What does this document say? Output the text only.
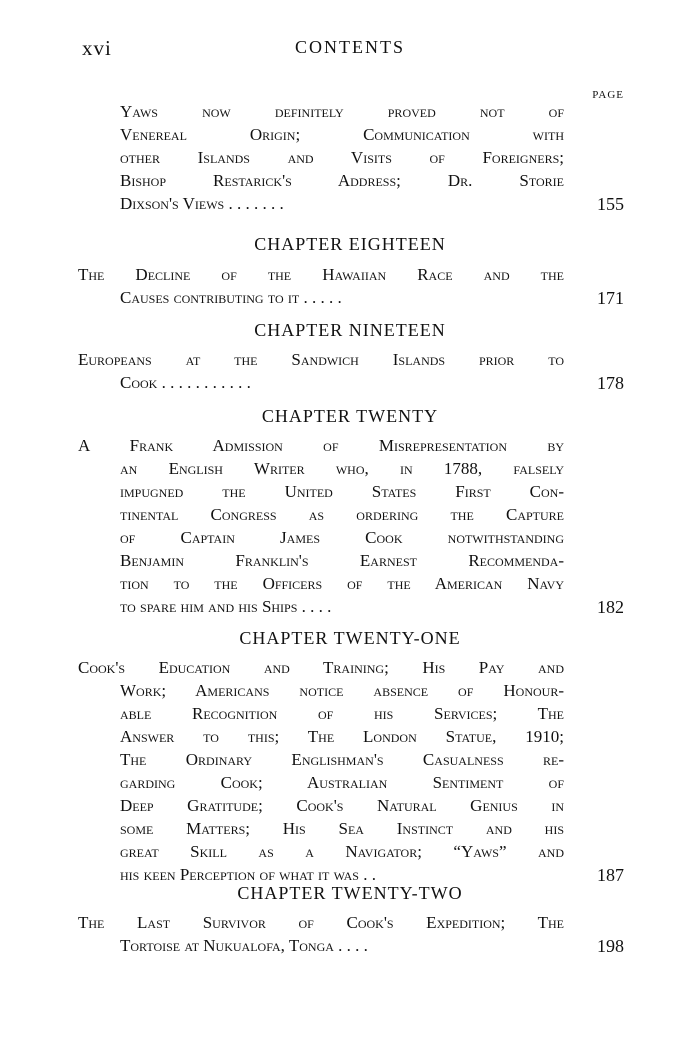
xvi	CONTENTS
PAGE
Yaws now definitely proved not of
Venereal Origin; Communication with
other Islands and Visits of Foreigners;
Bishop Restarick's Address; Dr. Storie
Dixson's Views . . . . . . .	155
CHAPTER EIGHTEEN
The Decline of the Hawaiian Race and the
Causes contributing to it . . . . .	171
CHAPTER NINETEEN
Europeans at the Sandwich Islands prior to
Cook . . . . . . . . . . .	178
CHAPTER TWENTY
A Frank Admission of Misrepresentation by
an English Writer who, in 1788, falsely
impugned the United States First Con-
tinental Congress as ordering the Capture
of Captain James Cook notwithstanding
Benjamin Franklin's Earnest Recommenda-
tion to the Officers of the American Navy
to spare him and his Ships . . . .	182
CHAPTER TWENTY-ONE
Cook's Education and Training; His Pay and
Work; Americans notice absence of Honour-
able Recognition of his Services; The
Answer to this; The London Statue, 1910;
The Ordinary Englishman's Casualness re-
garding Cook; Australian Sentiment of
Deep Gratitude; Cook's Natural Genius in
some Matters; His Sea Instinct and his
great Skill as a Navigator; “Yaws” and
his keen Perception of what it was . .	187
CHAPTER TWENTY-TWO
The Last Survivor of Cook's Expedition; The
Tortoise at Nukualofa, Tonga . . . .	198
